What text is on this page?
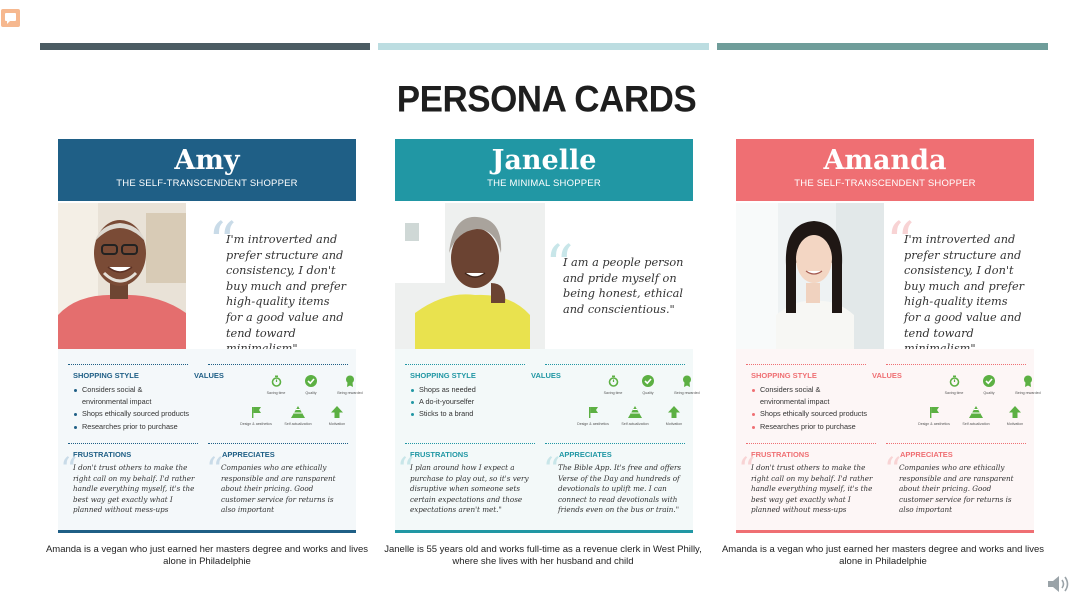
PERSONA CARDS
Amy
THE SELF-TRANSCENDENT SHOPPER
“
I'm introverted and prefer structure and consistency, I don't buy much and prefer high-quality items for a good value and tend toward
SHOPPING STYLE
Considers social &
environmental impact
Shops ethically sourced products
Researches prior to purchase
VALUES
Saving time	Quality	Being rewarded
Design & aesthetics	Self actualization	Motivation
FRUSTRATIONS
“
I don't trust others to make the right call on my behalf. I'd rather handle everything myself, it's the best way get exactly what I planned without mess-ups
APPRECIATES
“
Companies who are ethically responsible and are ransparent about their pricing. Good customer service for returns is also important
Janelle
THE MINIMAL SHOPPER
“
I am a people person and pride myself on being honest, ethical and conscientious."
SHOPPING STYLE
Shops as needed
A do-it-yourselfer
Sticks to a brand
VALUES
Saving time	Quality	Being rewarded
Design & aesthetics	Self actualization	Motivation
FRUSTRATIONS
“
I plan around how I expect a purchase to play out, so it's very disruptive when someone sets certain expectations and those expectations aren't met."
APPRECIATES
“
The Bible App. It's free and offers Verse of the Day and hundreds of devotionals to uplift me. I can connect to read devotionals with friends even on the bus or train."
Amanda
THE SELF-TRANSCENDENT SHOPPER
“
I'm introverted and prefer structure and consistency, I don't buy much and prefer high-quality items for a good value and tend toward
SHOPPING STYLE
Considers social &
environmental impact
Shops ethically sourced products
Researches prior to purchase
VALUES
Saving time	Quality	Being rewarded
Design & aesthetics	Self actualization	Motivation
FRUSTRATIONS
“
I don't trust others to make the right call on my behalf. I'd rather handle everything myself, it's the best way get exactly what I planned without mess-ups
APPRECIATES
“
Companies who are ethically responsible and are ransparent about their pricing. Good customer service for returns is also important
Amanda is a vegan who just earned her masters degree and works and lives alone in Philadelphie
Janelle is 55 years old and works full-time as a revenue clerk in West Philly, where she lives with her husband and child
Amanda is a vegan who just earned her masters degree and works and lives alone in Philadelphie
